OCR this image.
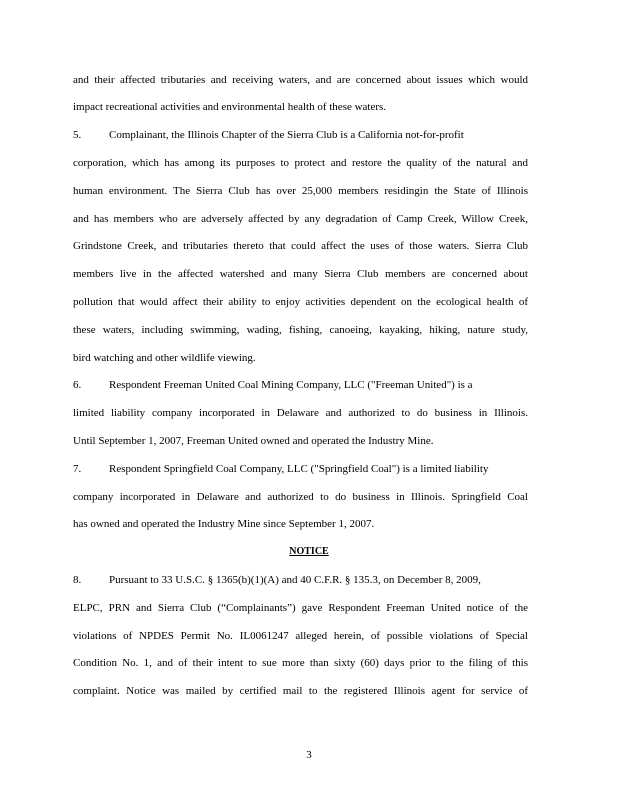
and their affected tributaries and receiving waters, and are concerned about issues which would
impact recreational activities and environmental health of these waters.
5.	Complainant, the Illinois Chapter of the Sierra Club is a California not-for-profit
corporation, which has among its purposes to protect and restore the quality of the natural and
human environment. The Sierra Club has over 25,000 members residingin the State of Illinois
and has members who are adversely affected by any degradation of Camp Creek, Willow Creek,
Grindstone Creek, and tributaries thereto that could affect the uses of those waters. Sierra Club
members live in the affected watershed and many Sierra Club members are concerned about
pollution that would affect their ability to enjoy activities dependent on the ecological health of
these waters, including swimming, wading, fishing, canoeing, kayaking, hiking, nature study,
bird watching and other wildlife viewing.
6.	Respondent Freeman United Coal Mining Company, LLC ("Freeman United") is a
limited liability company incorporated in Delaware and authorized to do business in Illinois.
Until September 1, 2007, Freeman United owned and operated the Industry Mine.
7.	Respondent Springfield Coal Company, LLC ("Springfield Coal") is a limited liability
company incorporated in Delaware and authorized to do business in Illinois. Springfield Coal
has owned and operated the Industry Mine since September 1, 2007.
NOTICE
8.	Pursuant to 33 U.S.C. § 1365(b)(1)(A) and 40 C.F.R. § 135.3, on December 8, 2009,
ELPC, PRN and Sierra Club (“Complainants”) gave Respondent Freeman United notice of the
violations of NPDES Permit No. IL0061247 alleged herein, of possible violations of Special
Condition No. 1, and of their intent to sue more than sixty (60) days prior to the filing of this
complaint. Notice was mailed by certified mail to the registered Illinois agent for service of
3
